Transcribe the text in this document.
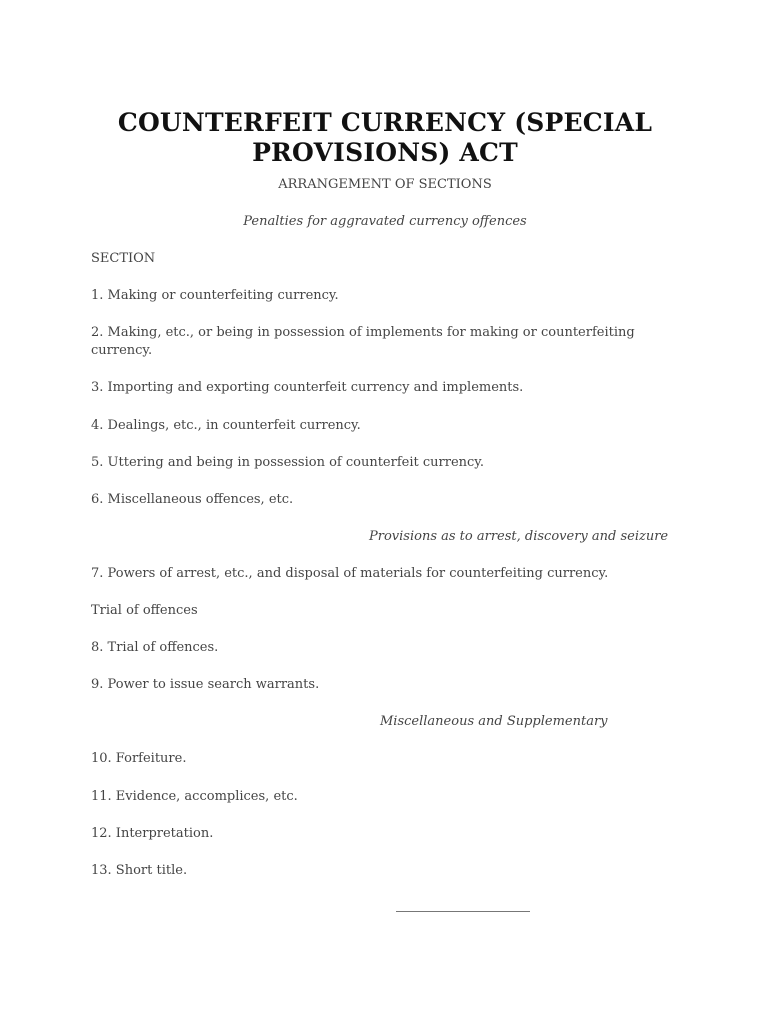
COUNTERFEIT CURRENCY (SPECIAL
PROVISIONS) ACT
ARRANGEMENT OF SECTIONS
Penalties for aggravated currency offences
SECTION
1. Making or counterfeiting currency.
2. Making, etc., or being in possession of implements for making or counterfeiting currency.
3. Importing and exporting counterfeit currency and implements.
4. Dealings, etc., in counterfeit currency.
5. Uttering and being in possession of counterfeit currency.
6. Miscellaneous offences, etc.
Provisions as to arrest, discovery and seizure
7. Powers of arrest, etc., and disposal of materials for counterfeiting currency.
Trial of offences
8. Trial of offences.
9. Power to issue search warrants.
Miscellaneous and Supplementary
10. Forfeiture.
11. Evidence, accomplices, etc.
12. Interpretation.
13. Short title.
